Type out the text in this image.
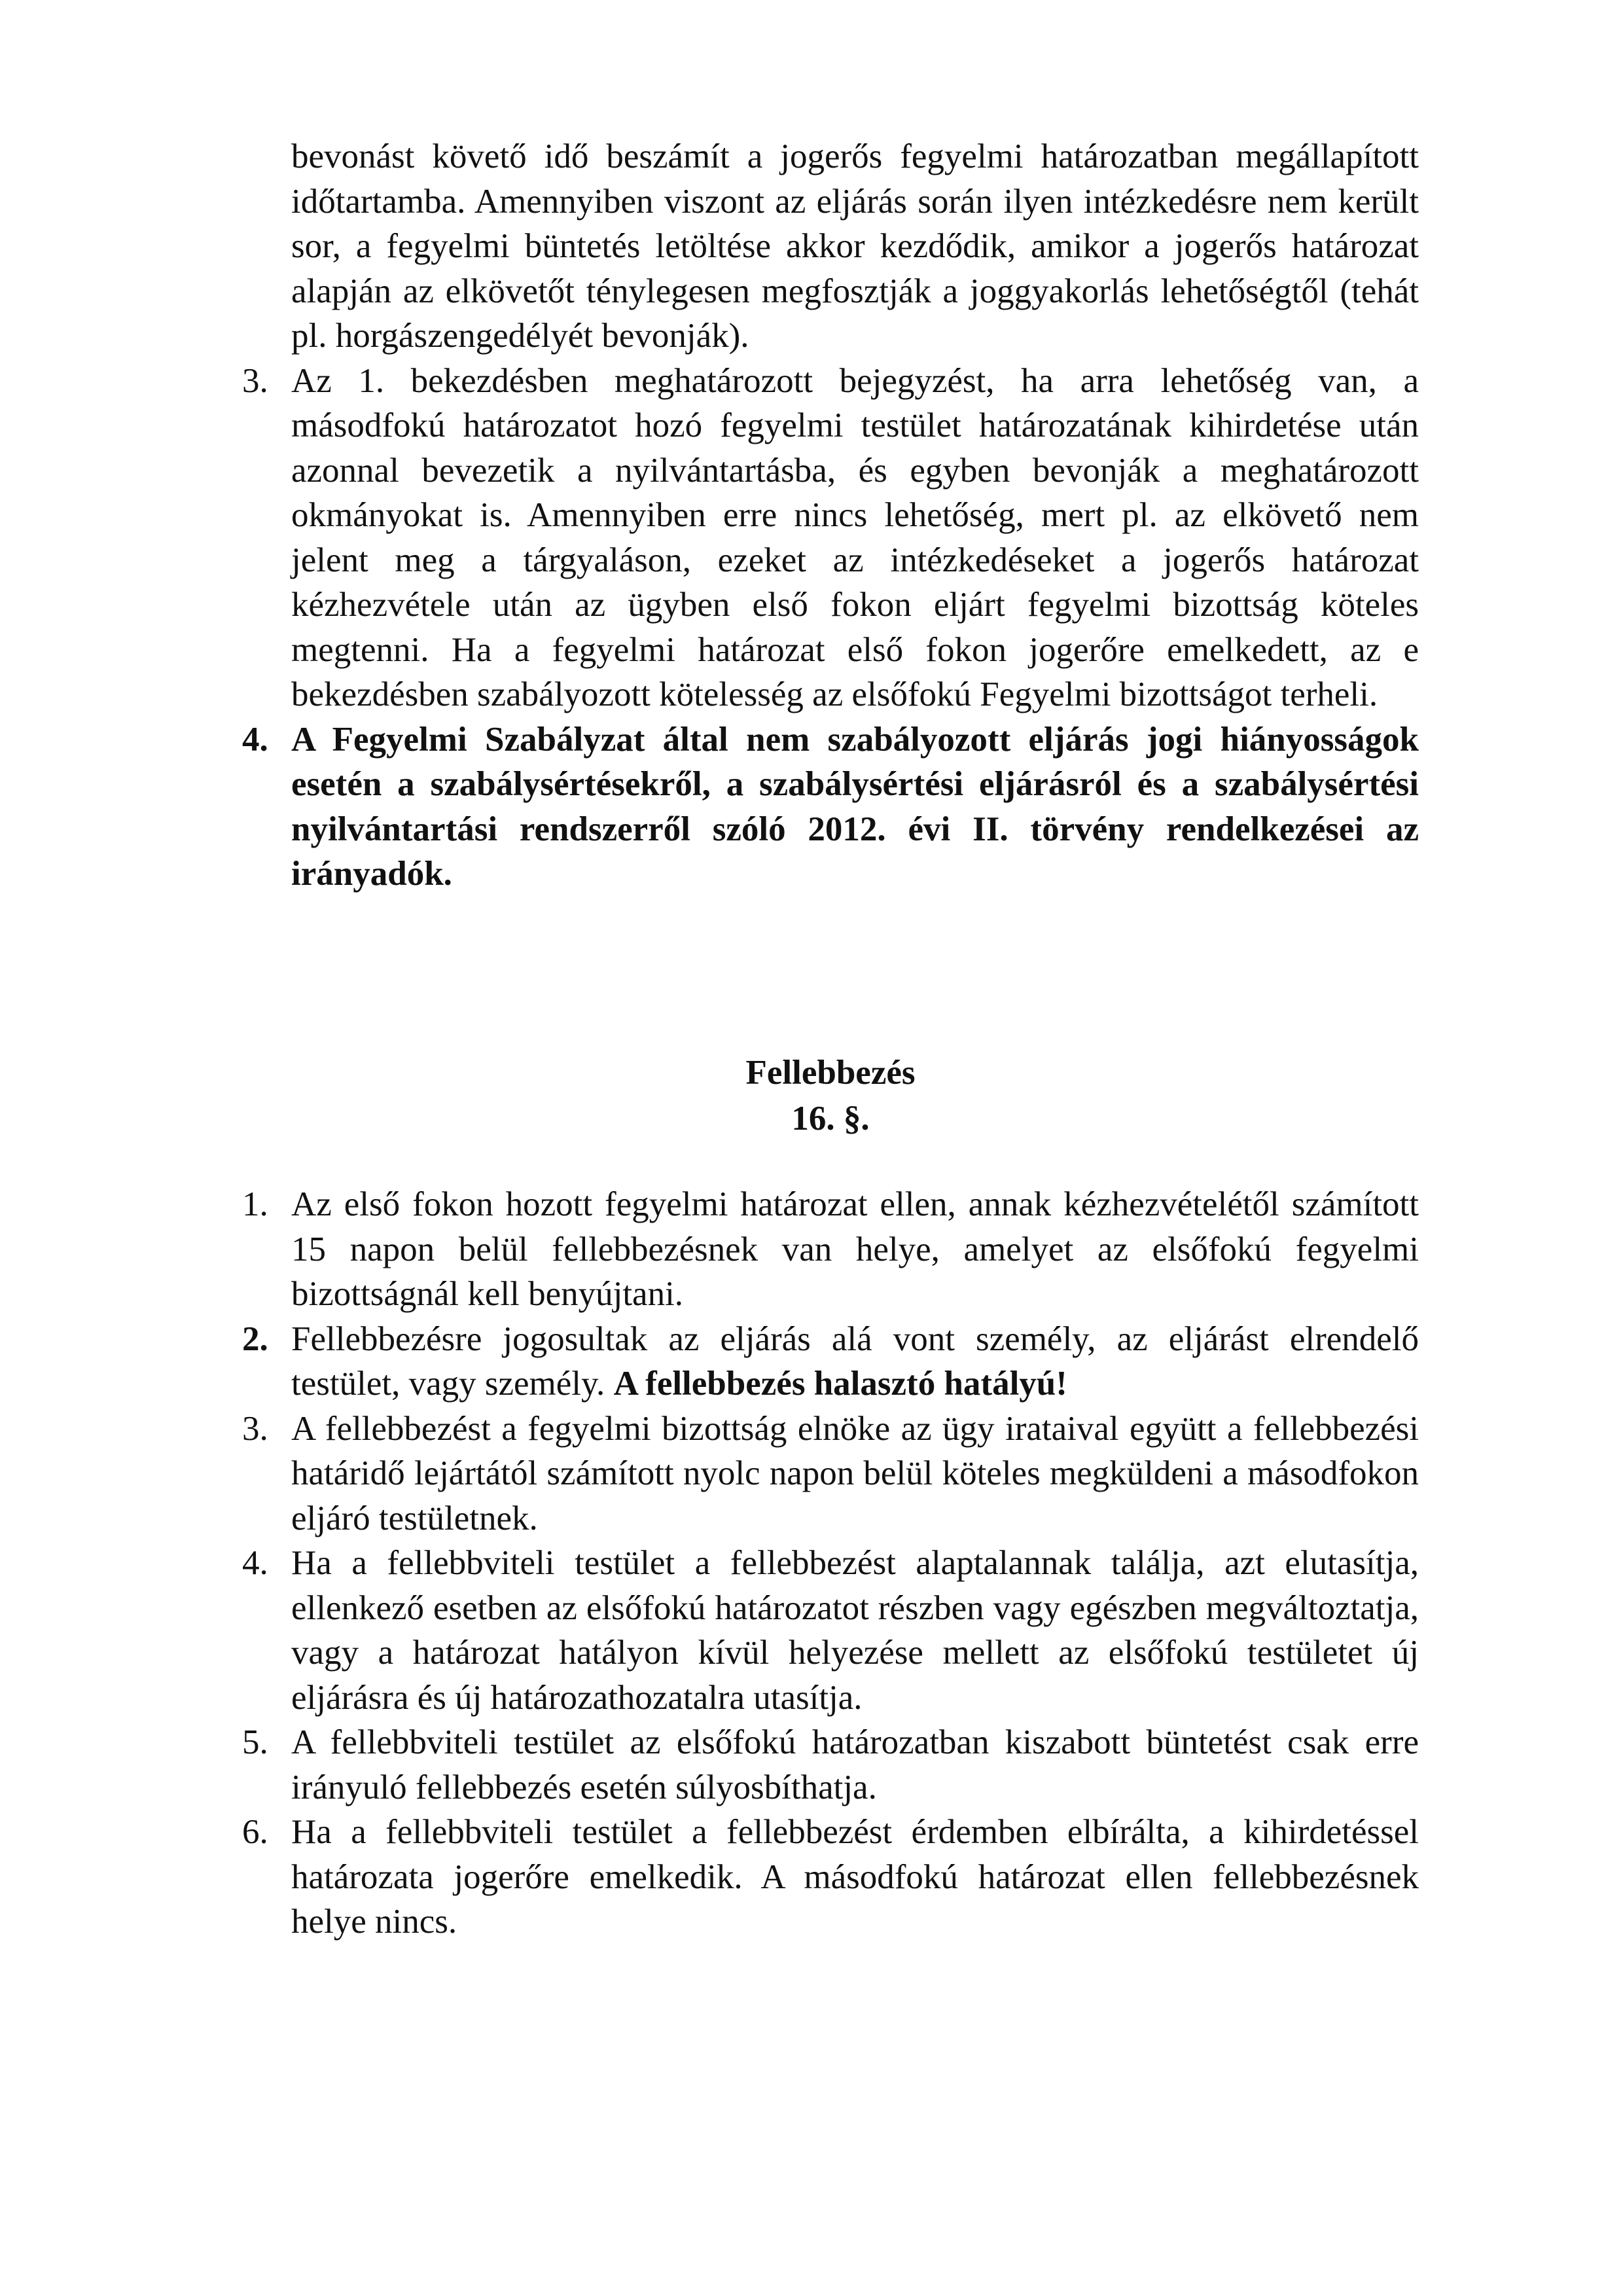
bevonást követő idő beszámít a jogerős fegyelmi határozatban megállapított időtartamba. Amennyiben viszont az eljárás során ilyen intézkedésre nem került sor, a fegyelmi büntetés letöltése akkor kezdődik, amikor a jogerős határozat alapján az elkövetőt ténylegesen megfosztják a joggyakorlás lehetőségtől (tehát pl. horgászengedélyét bevonják).
3. Az 1. bekezdésben meghatározott bejegyzést, ha arra lehetőség van, a másodfokú határozatot hozó fegyelmi testület határozatának kihirdetése után azonnal bevezetik a nyilvántartásba, és egyben bevonják a meghatározott okmányokat is. Amennyiben erre nincs lehetőség, mert pl. az elkövető nem jelent meg a tárgyaláson, ezeket az intézkedéseket a jogerős határozat kézhezvétele után az ügyben első fokon eljárt fegyelmi bizottság köteles megtenni. Ha a fegyelmi határozat első fokon jogerőre emelkedett, az e bekezdésben szabályozott kötelesség az elsőfokú Fegyelmi bizottságot terheli.
4. A Fegyelmi Szabályzat által nem szabályozott eljárás jogi hiányosságok esetén a szabálysértésekről, a szabálysértési eljárásról és a szabálysértési nyilvántartási rendszerről szóló 2012. évi II. törvény rendelkezései az irányadók.
Fellebbezés
16. §.
1. Az első fokon hozott fegyelmi határozat ellen, annak kézhezvételétől számított 15 napon belül fellebbezésnek van helye, amelyet az elsőfokú fegyelmi bizottságnál kell benyújtani.
2. Fellebbezésre jogosultak az eljárás alá vont személy, az eljárást elrendelő testület, vagy személy. A fellebbezés halasztó hatályú!
3. A fellebbezést a fegyelmi bizottság elnöke az ügy irataival együtt a fellebbezési határidő lejártától számított nyolc napon belül köteles megküldeni a másodfokon eljáró testületnek.
4. Ha a fellebbviteli testület a fellebbezést alaptalannak találja, azt elutasítja, ellenkező esetben az elsőfokú határozatot részben vagy egészben megváltoztatja, vagy a határozat hatályon kívül helyezése mellett az elsőfokú testületet új eljárásra és új határozathozatalra utasítja.
5. A fellebbviteli testület az elsőfokú határozatban kiszabott büntetést csak erre irányuló fellebbezés esetén súlyosbíthatja.
6. Ha a fellebbviteli testület a fellebbezést érdemben elbírálta, a kihirdetéssel határozata jogerőre emelkedik. A másodfokú határozat ellen fellebbezésnek helye nincs.
